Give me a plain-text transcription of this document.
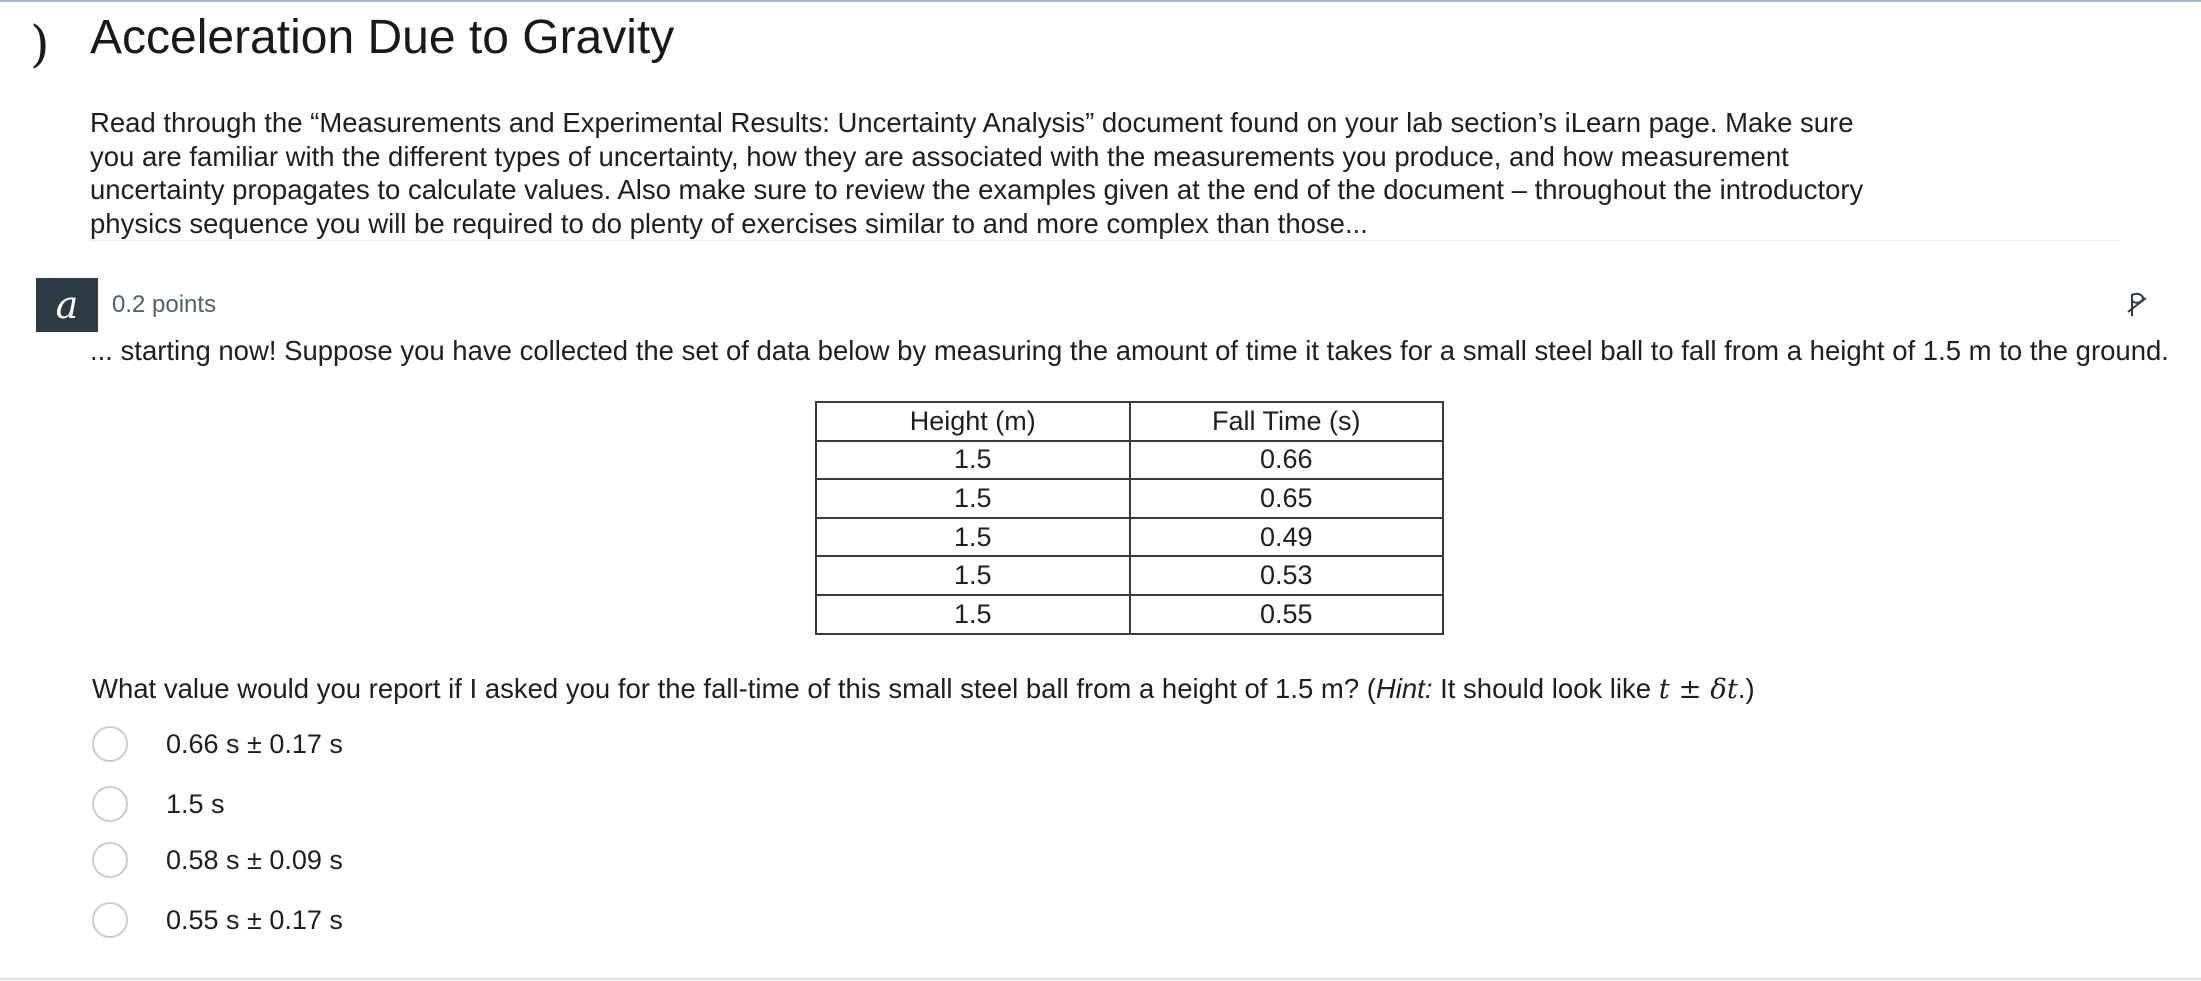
) Acceleration Due to Gravity

Read through the “Measurements and Experimental Results: Uncertainty Analysis” document found on your lab section’s iLearn page. Make sure you are familiar with the different types of uncertainty, how they are associated with the measurements you produce, and how measurement uncertainty propagates to calculate values. Also make sure to review the examples given at the end of the document – throughout the introductory physics sequence you will be required to do plenty of exercises similar to and more complex than those...

a	0.2 points

... starting now! Suppose you have collected the set of data below by measuring the amount of time it takes for a small steel ball to fall from a height of 1.5 m to the ground.

Height (m)	Fall Time (s)
1.5	0.66
1.5	0.65
1.5	0.49
1.5	0.53
1.5	0.55

What value would you report if I asked you for the fall-time of this small steel ball from a height of 1.5 m? (Hint: It should look like t ± δt.)

0.66 s ± 0.17 s
1.5 s
0.58 s ± 0.09 s
0.55 s ± 0.17 s
